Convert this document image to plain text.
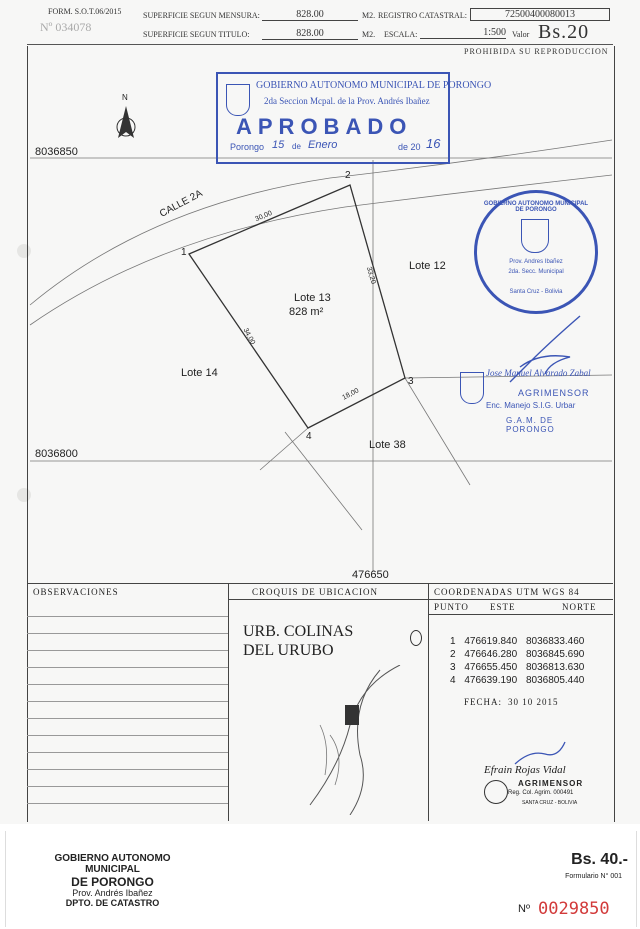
FORM. S.O.T.06/2015
Nº 034078
SUPERFICIE SEGUN MENSURA:	828.00	M2. REGISTRO CATASTRAL:	72500400080013
SUPERFICIE SEGUN TITULO:	828.00	M2. ESCALA:	1:500 Valor Bs.20
PROHIBIDA SU REPRODUCCION
N
8036850
8036800
476650
CALLE 2A
Lote 13
828 m²
Lote 12
Lote 14
Lote 38
1
2
3
4
30,00
33,20
18,00
34,00
GOBIERNO AUTONOMO MUNICIPAL DE PORONGO
2da Seccion Mcpal. de la Prov. Andrés Ibañez
APROBADO
Porongo 15 de Enero	de 20 16
GOBIERNO AUTONOMO MUNICIPAL DE PORONGO
Prov. Andres Ibañez
2da. Secc. Municipal
Santa Cruz - Bolivia
Jose Manuel Alvarado Zabal
AGRIMENSOR
Enc. Manejo S.I.G. Urbar
G.A.M. DE PORONGO
OBSERVACIONES	CROQUIS DE UBICACION
URB. COLINAS
DEL URUBO
COORDENADAS UTM WGS 84
PUNTO ESTE	NORTE
1 476619.840 8036833.460
2 476646.280 8036845.690
3 476655.450 8036813.630
4 476639.190 8036805.440
FECHA: 30 10 2015
Efrain Rojas Vidal
AGRIMENSOR
Reg. Col. Agrim. 000491
SANTA CRUZ - BOLIVIA
GOBIERNO AUTONOMO
MUNICIPAL
DE PORONGO
Prov. Andrés Ibañez
DPTO. DE CATASTRO
Bs. 40.-
Formulario N° 001
Nº 0029850
